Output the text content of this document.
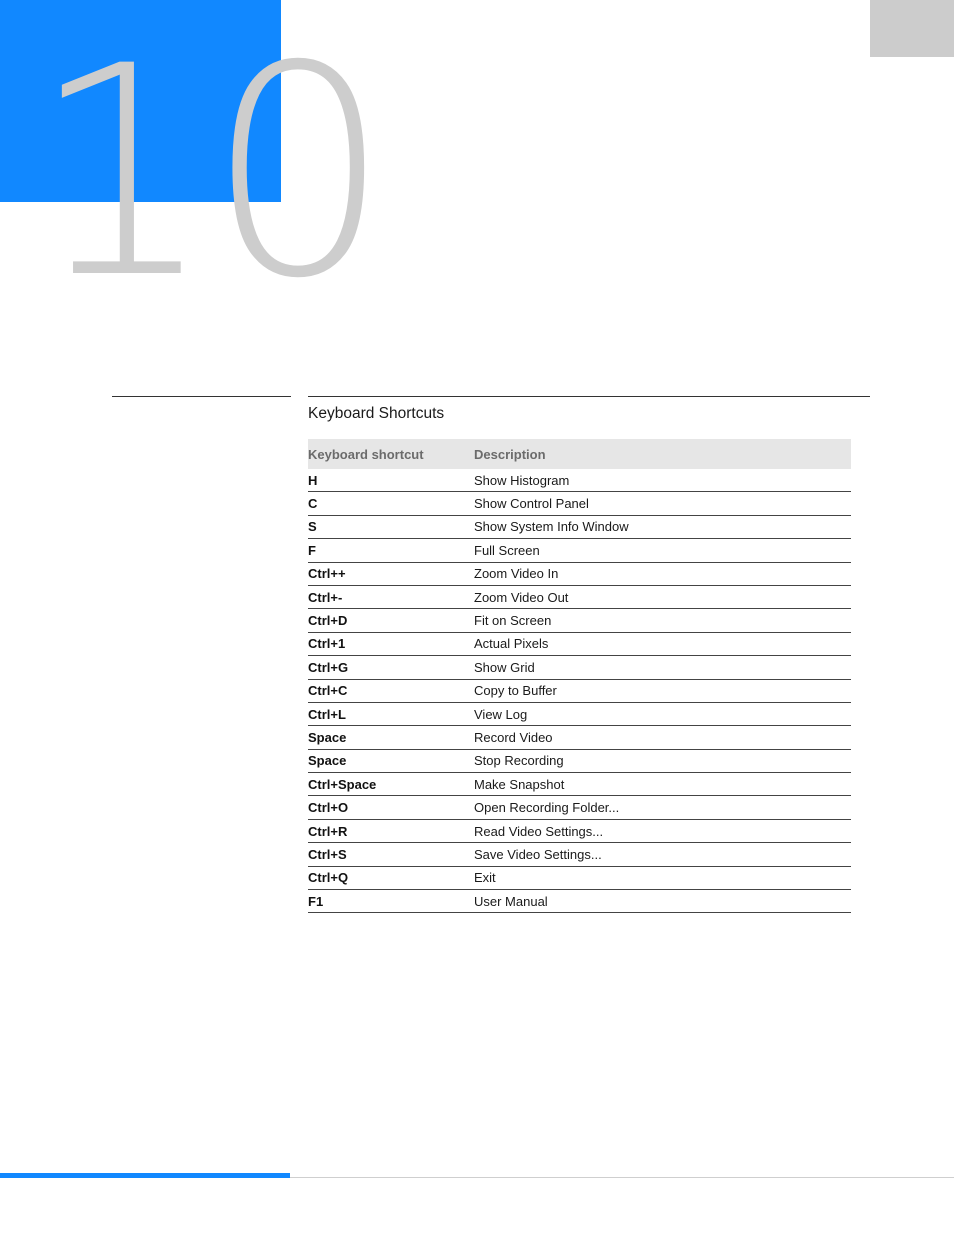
10
Keyboard Shortcuts
Keyboard shortcut	Description
H	Show Histogram
C	Show Control Panel
S	Show System Info Window
F	Full Screen
Ctrl++	Zoom Video In
Ctrl+-	Zoom Video Out
Ctrl+D	Fit on Screen
Ctrl+1	Actual Pixels
Ctrl+G	Show Grid
Ctrl+C	Copy to Buffer
Ctrl+L	View Log
Space	Record Video
Space	Stop Recording
Ctrl+Space	Make Snapshot
Ctrl+O	Open Recording Folder...
Ctrl+R	Read Video Settings...
Ctrl+S	Save Video Settings...
Ctrl+Q	Exit
F1	User Manual
